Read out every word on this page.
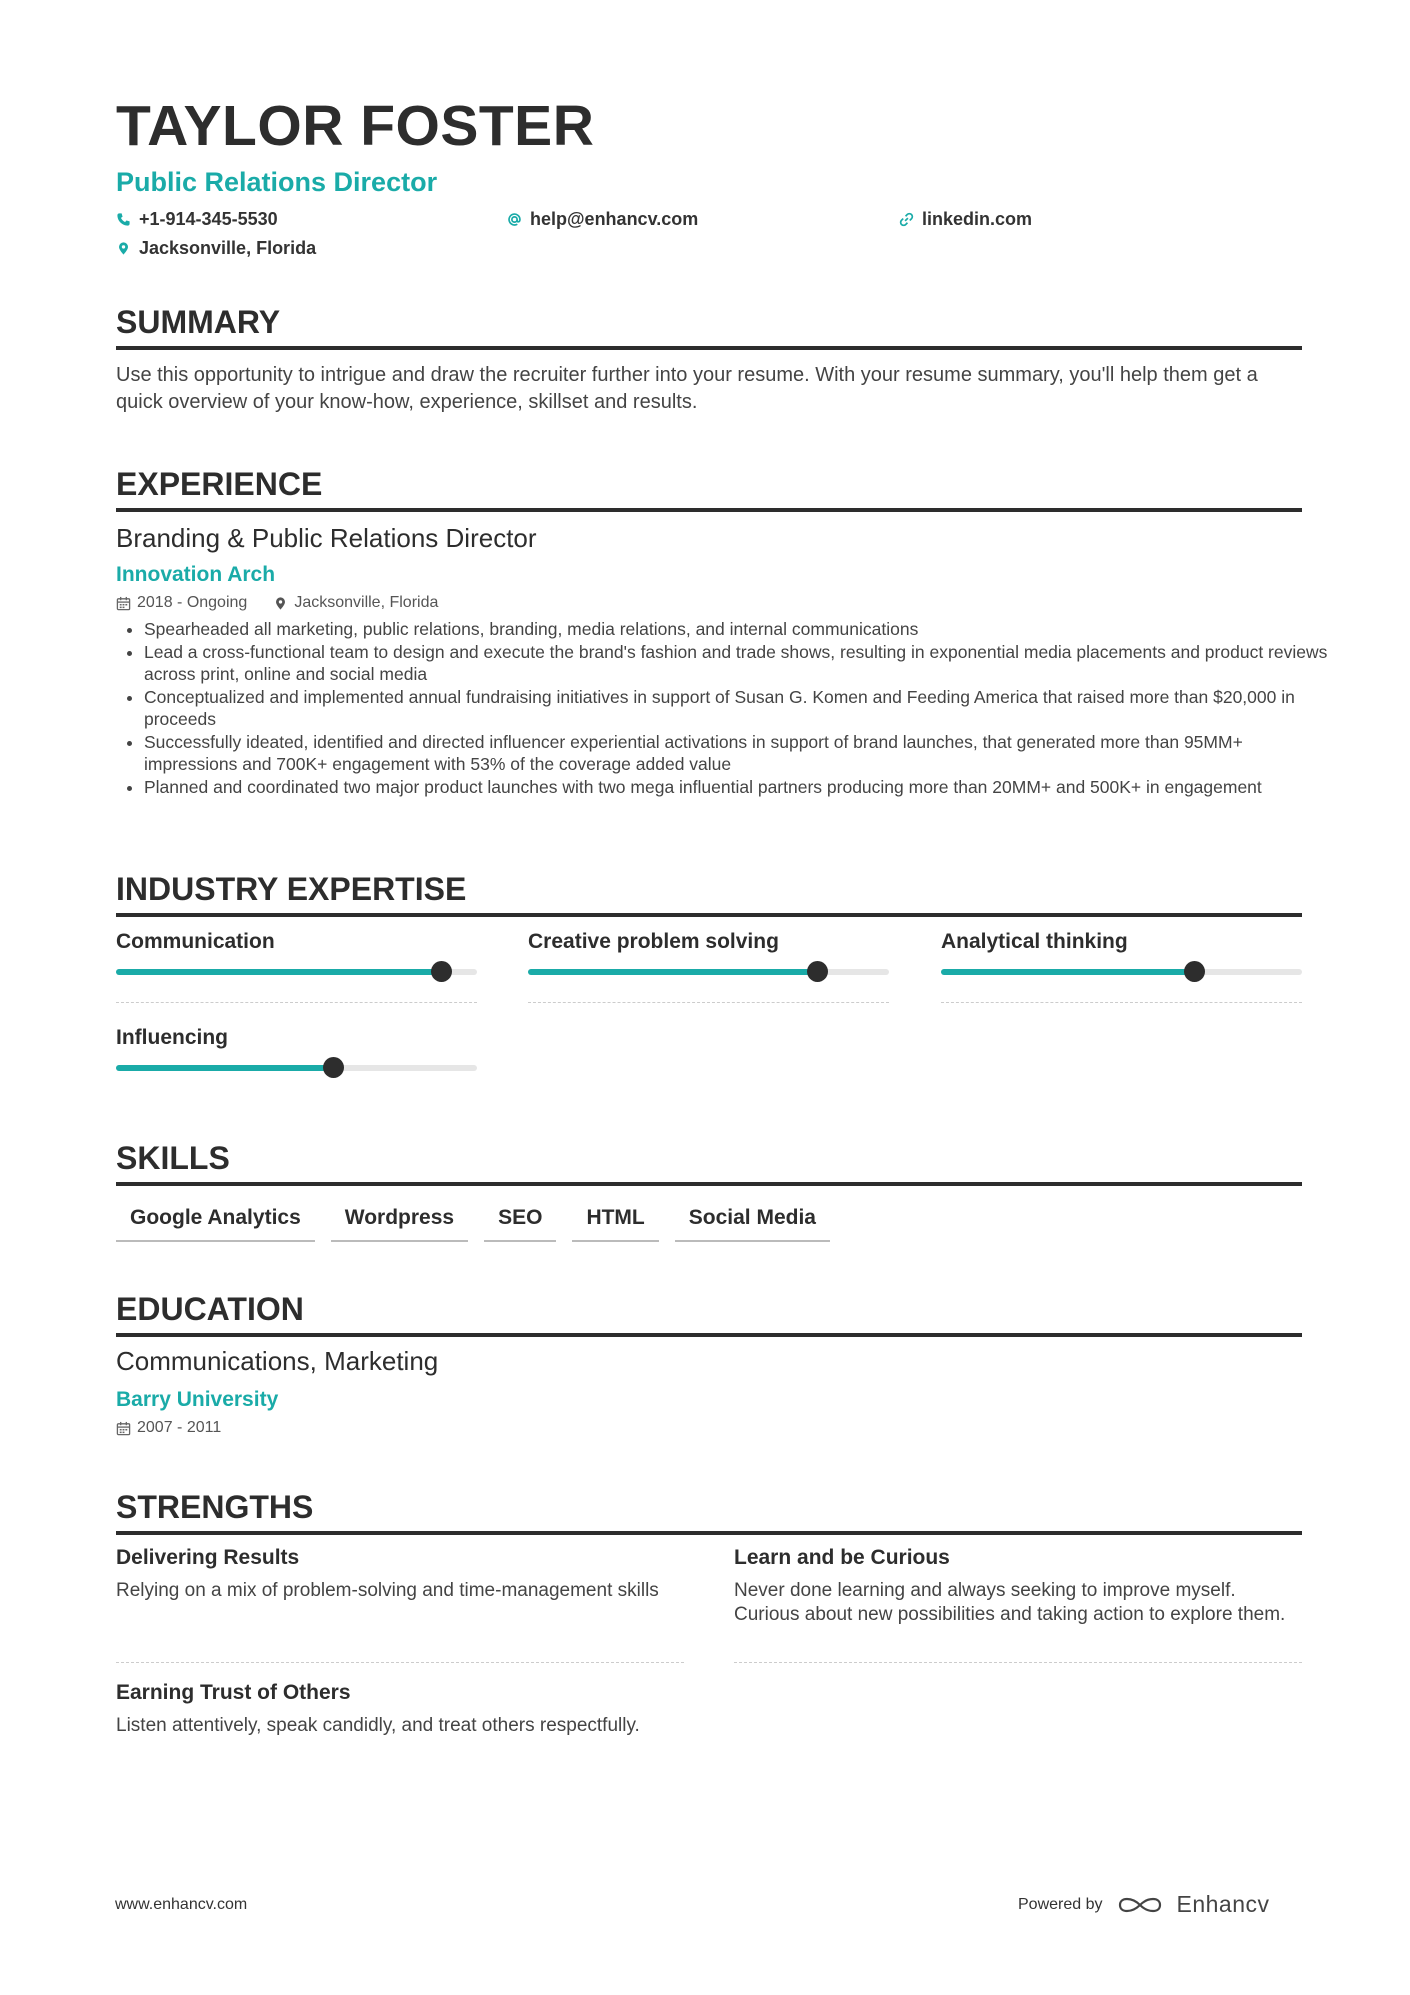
TAYLOR FOSTER
Public Relations Director
+1-914-345-5530	help@enhancv.com	linkedin.com
Jacksonville, Florida
SUMMARY

Use this opportunity to intrigue and draw the recruiter further into your resume. With your resume summary, you'll help them get a quick overview of your know-how, experience, skillset and results.

EXPERIENCE
Branding & Public Relations Director
Innovation Arch
2018 - Ongoing	Jacksonville, Florida
• Spearheaded all marketing, public relations, branding, media relations, and internal communications
• Lead a cross-functional team to design and execute the brand's fashion and trade shows, resulting in exponential media placements and product reviews across print, online and social media
• Conceptualized and implemented annual fundraising initiatives in support of Susan G. Komen and Feeding America that raised more than $20,000 in proceeds
• Successfully ideated, identified and directed influencer experiential activations in support of brand launches, that generated more than 95MM+ impressions and 700K+ engagement with 53% of the coverage added value
• Planned and coordinated two major product launches with two mega influential partners producing more than 20MM+ and 500K+ in engagement
INDUSTRY EXPERTISE
Communication	Creative problem solving	Analytical thinking
Influencing
SKILLS
Google Analytics	Wordpress	SEO	HTML	Social Media
EDUCATION
Communications, Marketing
Barry University
2007 - 2011
STRENGTHS
Delivering Results
Relying on a mix of problem-solving and time-management skills
Learn and be Curious
Never done learning and always seeking to improve myself. Curious about new possibilities and taking action to explore them.
Earning Trust of Others
Listen attentively, speak candidly, and treat others respectfully.
www.enhancv.com	Powered by	Enhancv
